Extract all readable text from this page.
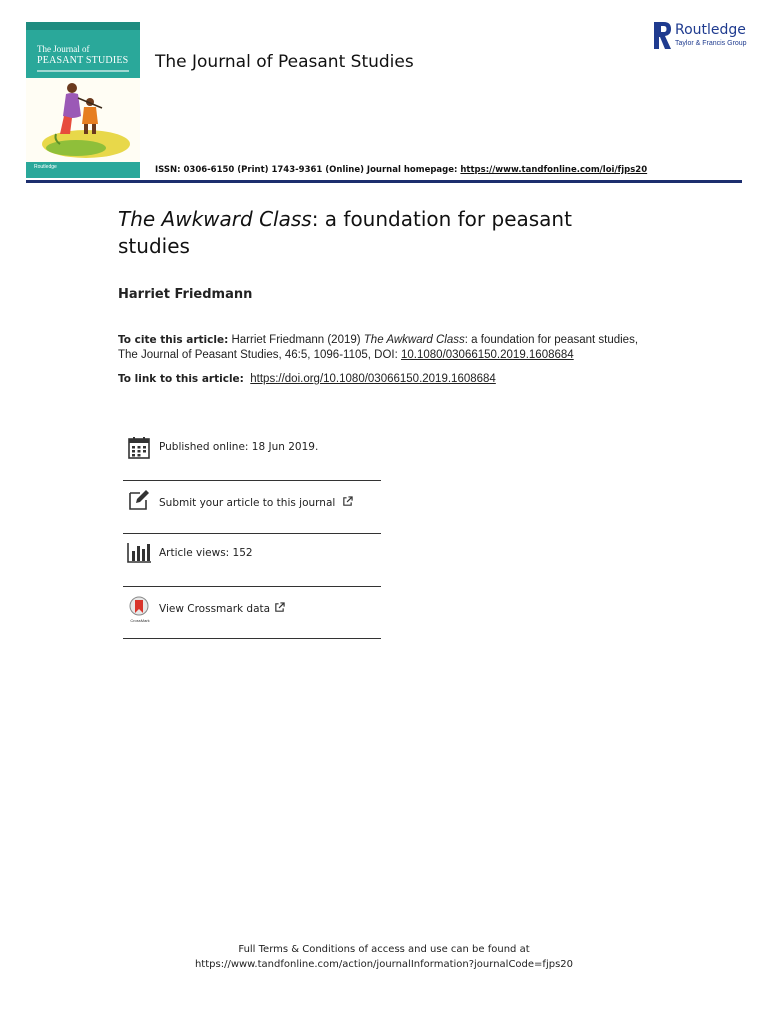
The Journal of
PEASANT STUDIES
Routledge
The Journal of Peasant Studies
Routledge
Taylor & Francis Group
ISSN: 0306-6150 (Print) 1743-9361 (Online) Journal homepage: https://www.tandfonline.com/loi/fjps20
The Awkward Class: a foundation for peasant studies
Harriet Friedmann
To cite this article: Harriet Friedmann (2019) The Awkward Class: a foundation for peasant studies, The Journal of Peasant Studies, 46:5, 1096-1105, DOI: 10.1080/03066150.2019.1608684
To link to this article: https://doi.org/10.1080/03066150.2019.1608684
Published online: 18 Jun 2019.
Submit your article to this journal
Article views: 152
CrossMark
View Crossmark data
Full Terms & Conditions of access and use can be found at
https://www.tandfonline.com/action/journalInformation?journalCode=fjps20
